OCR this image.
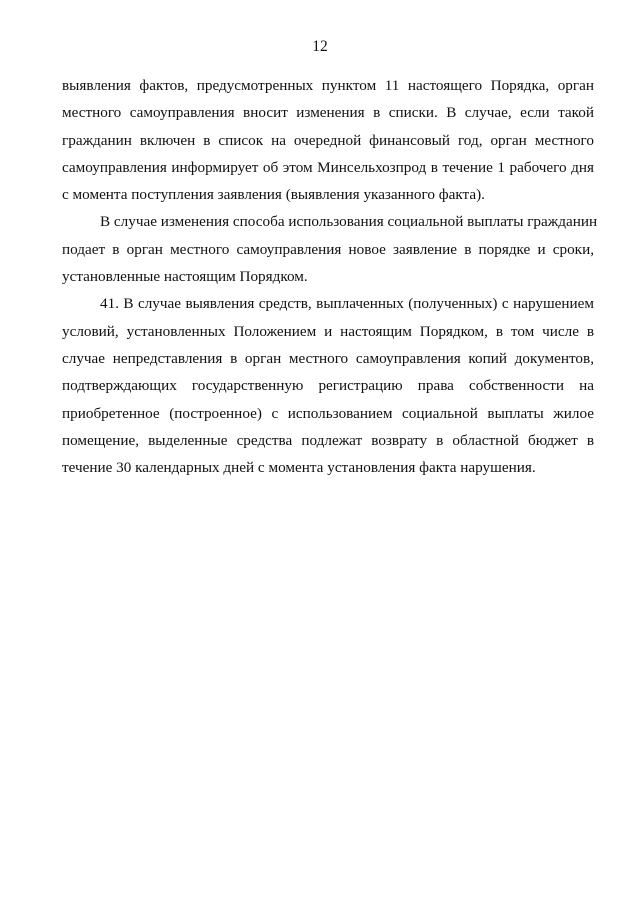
12
выявления фактов, предусмотренных пунктом 11 настоящего Порядка, орган
местного самоуправления вносит изменения в списки. В случае, если такой
гражданин включен в список на очередной финансовый год, орган местного
самоуправления информирует об этом Минсельхозпрод в течение 1 рабочего дня
с момента поступления заявления (выявления указанного факта).
В случае изменения способа использования социальной выплаты гражданин
подает в орган местного самоуправления новое заявление в порядке и сроки,
установленные настоящим Порядком.
41. В случае выявления средств, выплаченных (полученных) с нарушением
условий, установленных Положением и настоящим Порядком, в том числе в
случае непредставления в орган местного самоуправления копий документов,
подтверждающих государственную регистрацию права собственности на
приобретенное (построенное) с использованием социальной выплаты жилое
помещение, выделенные средства подлежат возврату в областной бюджет в
течение 30 календарных дней с момента установления факта нарушения.
